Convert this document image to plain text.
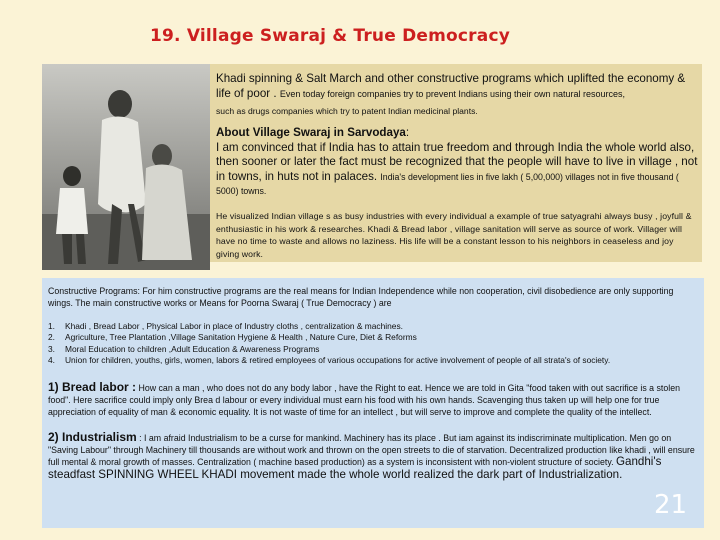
19. Village Swaraj & True Democracy
Khadi spinning & Salt March and other constructive programs which uplifted the economy & life of poor . Even today foreign companies try to prevent Indians using their own natural resources,
such as drugs companies which try to patent Indian medicinal plants.
About Village Swaraj in Sarvodaya:
I am convinced that if India has to attain true freedom and through India the whole world also, then sooner or later the fact must be recognized that the people will have to live in village , not in towns, in huts not in palaces. India's development lies in five lakh ( 5,00,000) villages not in five thousand ( 5000) towns.
He visualized Indian village s as busy industries with every individual a example of true satyagrahi always busy , joyfull & enthusiastic in his work & researches. Khadi & Bread labor , village sanitation will serve as source of work. Villager will have no time to waste and allows no laziness. His life will be a constant lesson to his neighbors in ceaseless and joy giving work.
Constructive Programs: For him constructive programs are the real means for Indian Independence while non cooperation, civil disobedience are only supporting wings. The main constructive works or Means for Poorna Swaraj ( True Democracy ) are
1.	Khadi , Bread Labor , Physical Labor in place of Industry cloths , centralization & machines.
2.	Agriculture, Tree Plantation ,Village Sanitation Hygiene & Health , Nature Cure, Diet & Reforms
3.	Moral Education to children ,Adult Education & Awareness Programs
4.	Union for children, youths, girls, women, labors & retired employees of various occupations for active involvement of people of all strata's of society.
1) Bread labor : How can a man , who does not do any body labor , have the Right to eat. Hence we are told in Gita "food taken with out sacrifice is a stolen food". Here sacrifice could imply only Brea d labour or every individual must earn his food with his own hands. Scavenging thus taken up will help one for true appreciation of equality of man & economic equality. It is not waste of time for an intellect , but will serve to improve and complete the quality of the intellect.
2) Industrialism : I am afraid Industrialism to be a curse for mankind. Machinery has its place . But iam against its indiscriminate multiplication. Men go on "Saving Labour" through Machinery till thousands are without work and thrown on the open streets to die of starvation. Decentralized production like khadi , will ensure full mental & moral growth of masses. Centralization ( machine based production) as a system is inconsistent with non-violent structure of society. Gandhi's steadfast SPINNING WHEEL KHADI movement made the whole world realized the dark part of Industrialization.
21
